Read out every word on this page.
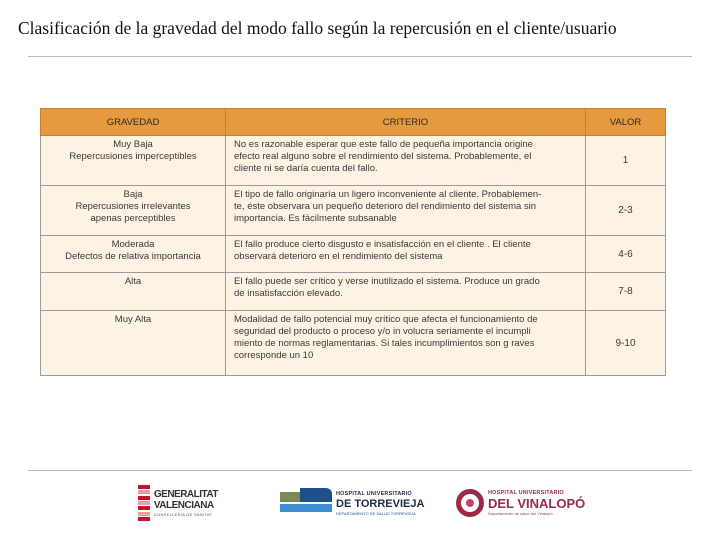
Clasificación de la gravedad del modo fallo según la repercusión en el cliente/usuario
GRAVEDAD	CRITERIO	VALOR

Muy Baja
Repercusiones imperceptibles	No es razonable esperar que este fallo de pequeña importancia origine
efecto real alguno sobre el rendimiento del sistema. Probablemente, el
cliente ni se daría cuenta del fallo.	1

Baja
Repercusiones irrelevantes
apenas perceptibles	El tipo de fallo originaría un ligero inconveniente al cliente. Probablemen-
te, éste observara un pequeño deterioro del rendimiento del sistema sin
importancia. Es fácilmente subsanable	2-3

Moderada
Defectos de relativa importancia	El fallo produce cierto disgusto e insatisfacción en el cliente . El cliente
observará deterioro en el rendimiento del sistema	4-6

Alta	El fallo puede ser crítico y verse inutilizado el sistema. Produce un grado
de insatisfacción elevado.	7-8

Muy Alta	Modalidad de fallo potencial muy crítico que afecta el funcionamiento de
seguridad del producto o proceso y/o in volucra seriamente el incumpli
miento de normas reglamentarias. Si tales incumplimientos son g raves
corresponde un 10	9-10
GENERALITAT
VALENCIANA
CONSELLERIA DE SANITAT
HOSPITAL UNIVERSITARIO
DE TORREVIEJA
DEPARTAMENTO DE SALUD TORREVIEJA
HOSPITAL UNIVERSITARIO
DEL VINALOPÓ
Departamento de salud del Vinalopó
